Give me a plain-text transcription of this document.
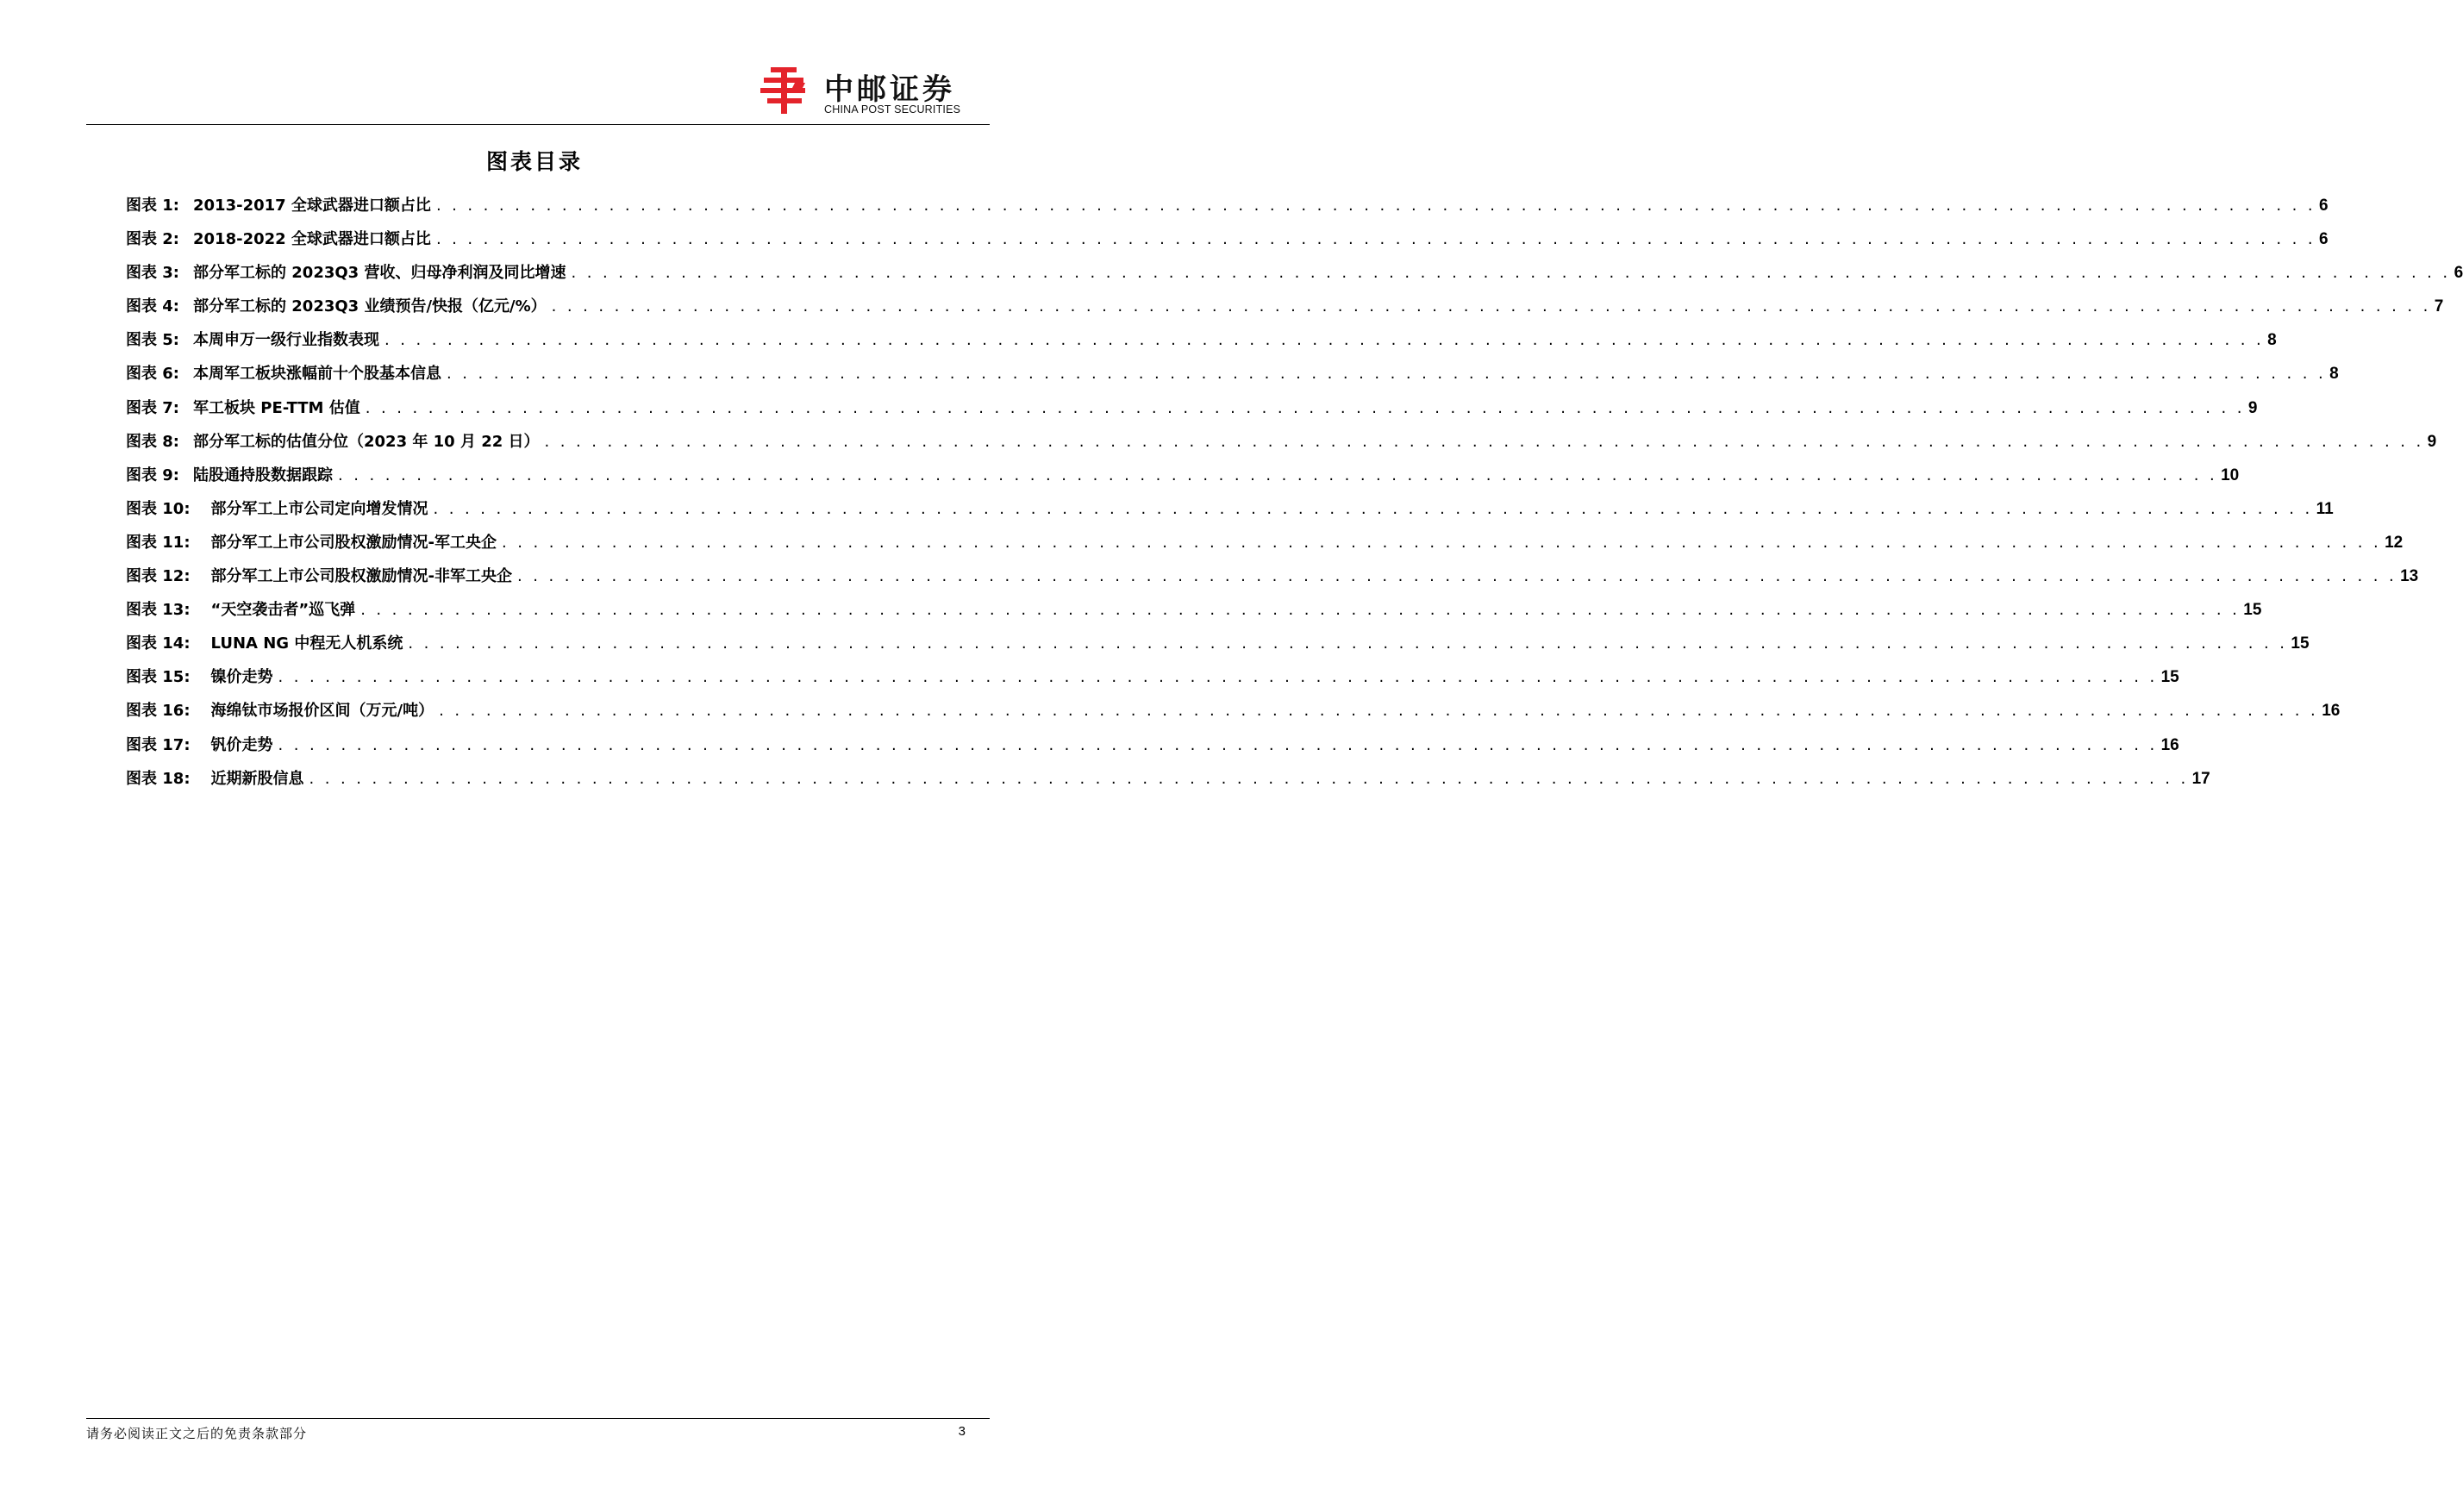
中邮证券
CHINA POST SECURITIES
图表目录
图表 1: 2013-2017 全球武器进口额占比 . . . . . . . . . . . . . . . . . . . . . . . . . . . . . . . . . . . . . . . . . . . . . . . . . . . . . . . . . . . . . . . . . . . . . . . . . . . . . . . . . . . . . . . . . . . . . . . . . . . . . . . . . . . . . . . . . . . . . . . . 6
图表 2: 2018-2022 全球武器进口额占比 . . . . . . . . . . . . . . . . . . . . . . . . . . . . . . . . . . . . . . . . . . . . . . . . . . . . . . . . . . . . . . . . . . . . . . . . . . . . . . . . . . . . . . . . . . . . . . . . . . . . . . . . . . . . . . . . . . . . . . . . 6
图表 3: 部分军工标的 2023Q3 营收、归母净利润及同比增速 . . . . . . . . . . . . . . . . . . . . . . . . . . . . . . . . . . . . . . . . . . . . . . . . . . . . . . . . . . . . . . . . . . . . . . . . . . . . . . . . . . . . . . . . . . . . . . . . . . . . . . . . . . . . . . . . . . . . . . . . 6
图表 4: 部分军工标的 2023Q3 业绩预告/快报（亿元/%） . . . . . . . . . . . . . . . . . . . . . . . . . . . . . . . . . . . . . . . . . . . . . . . . . . . . . . . . . . . . . . . . . . . . . . . . . . . . . . . . . . . . . . . . . . . . . . . . . . . . . . . . . . . . . . . . . . . . . . . . 7
图表 5: 本周申万一级行业指数表现 . . . . . . . . . . . . . . . . . . . . . . . . . . . . . . . . . . . . . . . . . . . . . . . . . . . . . . . . . . . . . . . . . . . . . . . . . . . . . . . . . . . . . . . . . . . . . . . . . . . . . . . . . . . . . . . . . . . . . . . . 8
图表 6: 本周军工板块涨幅前十个股基本信息 . . . . . . . . . . . . . . . . . . . . . . . . . . . . . . . . . . . . . . . . . . . . . . . . . . . . . . . . . . . . . . . . . . . . . . . . . . . . . . . . . . . . . . . . . . . . . . . . . . . . . . . . . . . . . . . . . . . . . . . . 8
图表 7: 军工板块 PE-TTM 估值 . . . . . . . . . . . . . . . . . . . . . . . . . . . . . . . . . . . . . . . . . . . . . . . . . . . . . . . . . . . . . . . . . . . . . . . . . . . . . . . . . . . . . . . . . . . . . . . . . . . . . . . . . . . . . . . . . . . . . . . . 9
图表 8: 部分军工标的估值分位（2023 年 10 月 22 日） . . . . . . . . . . . . . . . . . . . . . . . . . . . . . . . . . . . . . . . . . . . . . . . . . . . . . . . . . . . . . . . . . . . . . . . . . . . . . . . . . . . . . . . . . . . . . . . . . . . . . . . . . . . . . . . . . . . . . . . . 9
图表 9: 陆股通持股数据跟踪 . . . . . . . . . . . . . . . . . . . . . . . . . . . . . . . . . . . . . . . . . . . . . . . . . . . . . . . . . . . . . . . . . . . . . . . . . . . . . . . . . . . . . . . . . . . . . . . . . . . . . . . . . . . . . . . . . . . . . . . . 10
图表 10:	部分军工上市公司定向增发情况 . . . . . . . . . . . . . . . . . . . . . . . . . . . . . . . . . . . . . . . . . . . . . . . . . . . . . . . . . . . . . . . . . . . . . . . . . . . . . . . . . . . . . . . . . . . . . . . . . . . . . . . . . . . . . . . . . . . . . . . . 11
图表 11:	部分军工上市公司股权激励情况-军工央企 . . . . . . . . . . . . . . . . . . . . . . . . . . . . . . . . . . . . . . . . . . . . . . . . . . . . . . . . . . . . . . . . . . . . . . . . . . . . . . . . . . . . . . . . . . . . . . . . . . . . . . . . . . . . . . . . . . . . . . . . 12
图表 12:	部分军工上市公司股权激励情况-非军工央企 . . . . . . . . . . . . . . . . . . . . . . . . . . . . . . . . . . . . . . . . . . . . . . . . . . . . . . . . . . . . . . . . . . . . . . . . . . . . . . . . . . . . . . . . . . . . . . . . . . . . . . . . . . . . . . . . . . . . . . . . 13
图表 13:	“天空袭击者”巡飞弹 . . . . . . . . . . . . . . . . . . . . . . . . . . . . . . . . . . . . . . . . . . . . . . . . . . . . . . . . . . . . . . . . . . . . . . . . . . . . . . . . . . . . . . . . . . . . . . . . . . . . . . . . . . . . . . . . . . . . . . . . 15
图表 14:	LUNA NG 中程无人机系统 . . . . . . . . . . . . . . . . . . . . . . . . . . . . . . . . . . . . . . . . . . . . . . . . . . . . . . . . . . . . . . . . . . . . . . . . . . . . . . . . . . . . . . . . . . . . . . . . . . . . . . . . . . . . . . . . . . . . . . . . 15
图表 15:	镍价走势 . . . . . . . . . . . . . . . . . . . . . . . . . . . . . . . . . . . . . . . . . . . . . . . . . . . . . . . . . . . . . . . . . . . . . . . . . . . . . . . . . . . . . . . . . . . . . . . . . . . . . . . . . . . . . . . . . . . . . . . . 15
图表 16:	海绵钛市场报价区间（万元/吨） . . . . . . . . . . . . . . . . . . . . . . . . . . . . . . . . . . . . . . . . . . . . . . . . . . . . . . . . . . . . . . . . . . . . . . . . . . . . . . . . . . . . . . . . . . . . . . . . . . . . . . . . . . . . . . . . . . . . . . . . 16
图表 17:	钒价走势 . . . . . . . . . . . . . . . . . . . . . . . . . . . . . . . . . . . . . . . . . . . . . . . . . . . . . . . . . . . . . . . . . . . . . . . . . . . . . . . . . . . . . . . . . . . . . . . . . . . . . . . . . . . . . . . . . . . . . . . . 16
图表 18:	近期新股信息 . . . . . . . . . . . . . . . . . . . . . . . . . . . . . . . . . . . . . . . . . . . . . . . . . . . . . . . . . . . . . . . . . . . . . . . . . . . . . . . . . . . . . . . . . . . . . . . . . . . . . . . . . . . . . . . . . . . . . . . . 17
请务必阅读正文之后的免责条款部分	3
